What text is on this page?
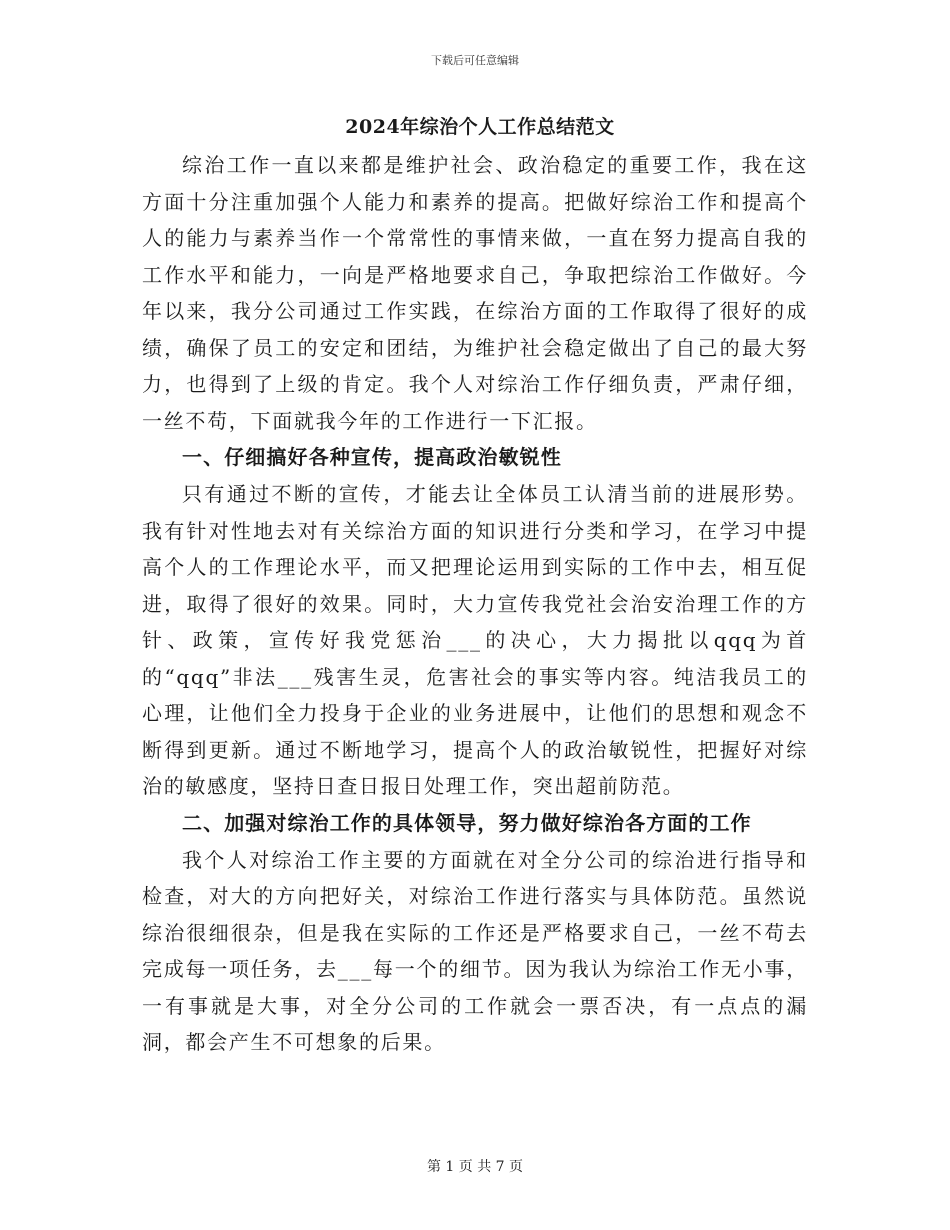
下载后可任意编辑
2024年综治个人工作总结范文

综治工作一直以来都是维护社会、政治稳定的重要工作，我在这方面十分注重加强个人能力和素养的提高。把做好综治工作和提高个人的能力与素养当作一个常常性的事情来做，一直在努力提高自我的工作水平和能力，一向是严格地要求自己，争取把综治工作做好。今年以来，我分公司通过工作实践，在综治方面的工作取得了很好的成绩，确保了员工的安定和团结，为维护社会稳定做出了自己的最大努力，也得到了上级的肯定。我个人对综治工作仔细负责，严肃仔细，一丝不苟，下面就我今年的工作进行一下汇报。

一、仔细搞好各种宣传，提高政治敏锐性

只有通过不断的宣传，才能去让全体员工认清当前的进展形势。我有针对性地去对有关综治方面的知识进行分类和学习，在学习中提高个人的工作理论水平，而又把理论运用到实际的工作中去，相互促进，取得了很好的效果。同时，大力宣传我党社会治安治理工作的方针、政策，宣传好我党惩治___的决心，大力揭批以qqq为首的“qqq”非法___残害生灵，危害社会的事实等内容。纯洁我员工的心理，让他们全力投身于企业的业务进展中，让他们的思想和观念不断得到更新。通过不断地学习，提高个人的政治敏锐性，把握好对综治的敏感度，坚持日查日报日处理工作，突出超前防范。

二、加强对综治工作的具体领导，努力做好综治各方面的工作

我个人对综治工作主要的方面就在对全分公司的综治进行指导和检查，对大的方向把好关，对综治工作进行落实与具体防范。虽然说综治很细很杂，但是我在实际的工作还是严格要求自己，一丝不苟去完成每一项任务，去___每一个的细节。因为我认为综治工作无小事，一有事就是大事，对全分公司的工作就会一票否决，有一点点的漏洞，都会产生不可想象的后果。

第 1 页 共 7 页
